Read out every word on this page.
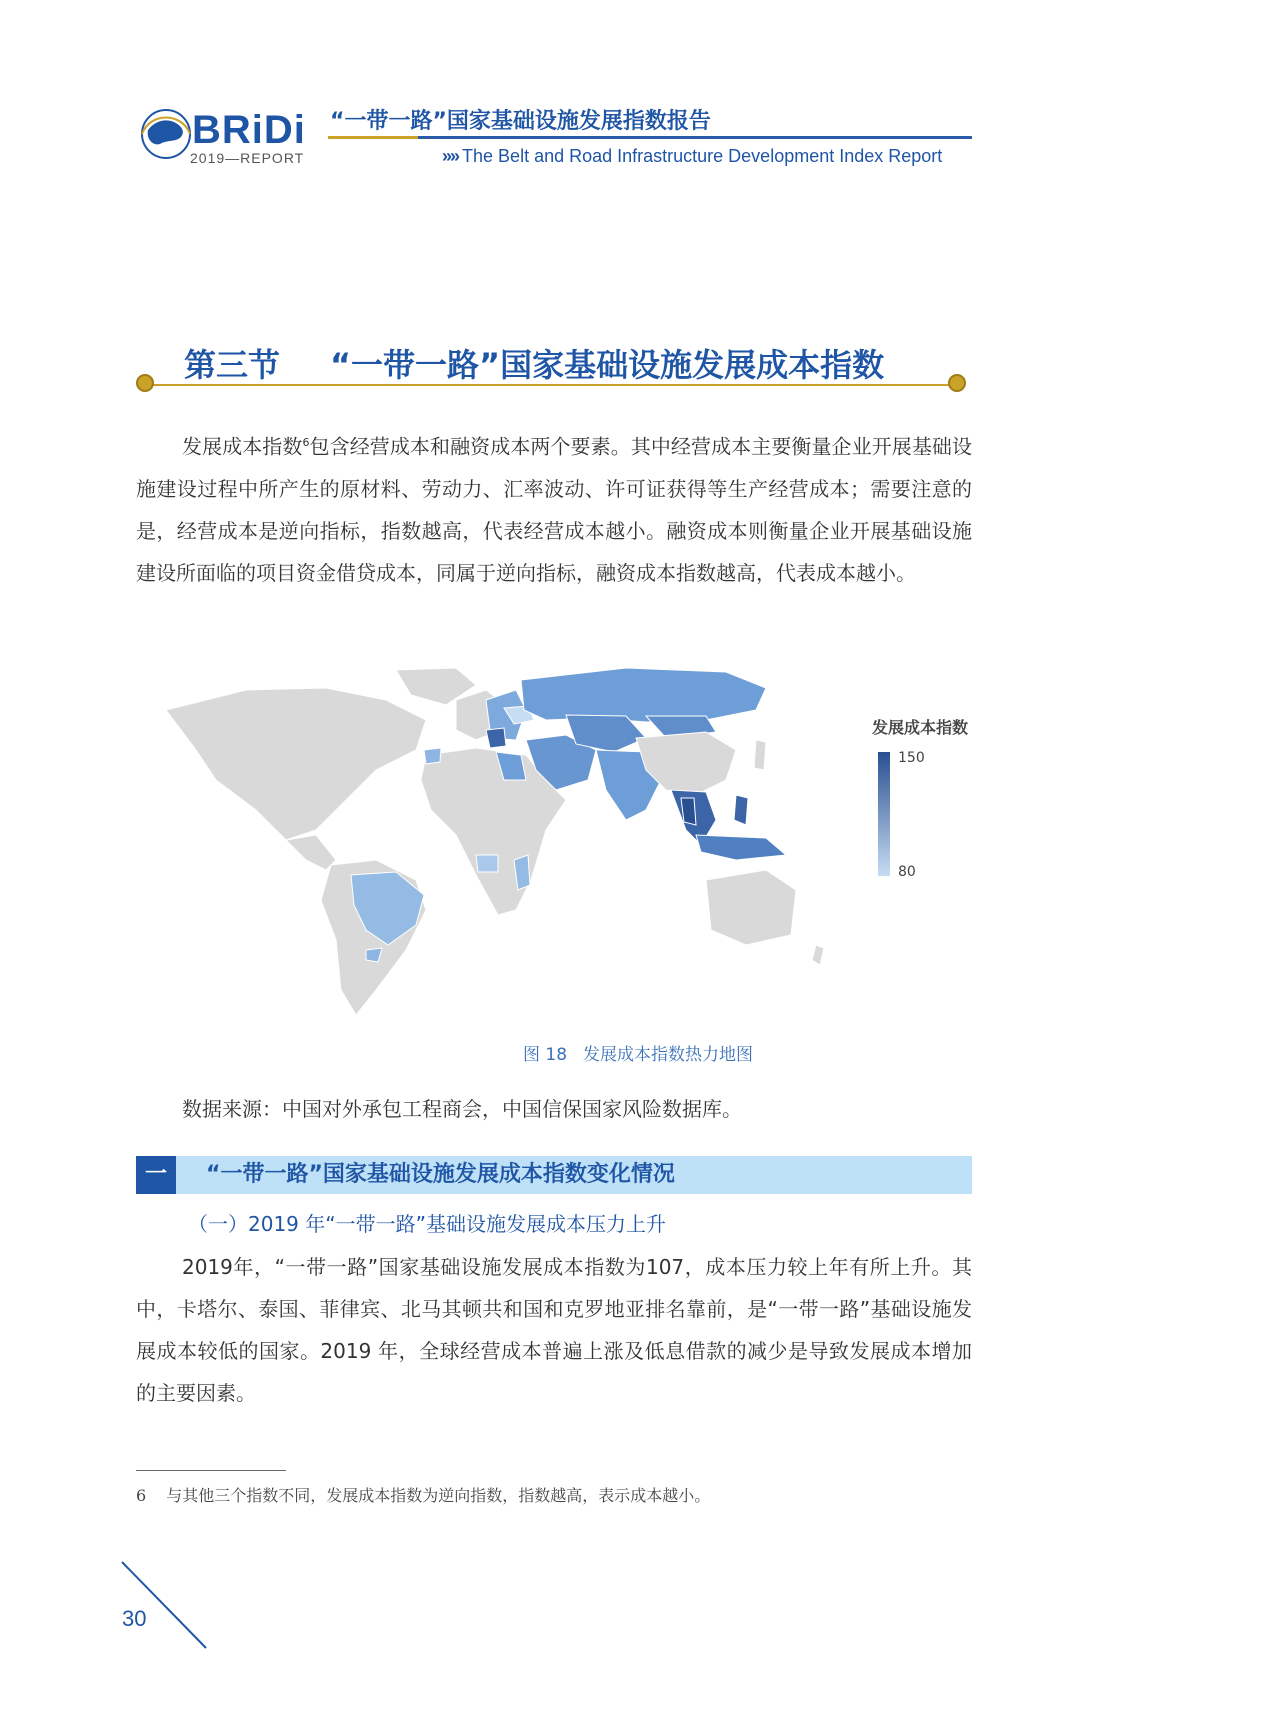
BRiDi
2019—REPORT
“一带一路”国家基础设施发展指数报告
»» The Belt and Road Infrastructure Development Index Report
第三节 “一带一路”国家基础设施发展成本指数
发展成本指数$^6$包含经营成本和融资成本两个要素。其中经营成本主要衡量企业开展基础设施建设过程中所产生的原材料、劳动力、汇率波动、许可证获得等生产经营成本；需要注意的是，经营成本是逆向指标，指数越高，代表经营成本越小。融资成本则衡量企业开展基础设施建设所面临的项目资金借贷成本，同属于逆向指标，融资成本指数越高，代表成本越小。
发展成本指数
150
80
图 18 发展成本指数热力地图
数据来源：中国对外承包工程商会，中国信保国家风险数据库。
一	“一带一路”国家基础设施发展成本指数变化情况
（一）2019 年“一带一路”基础设施发展成本压力上升
2019年，“一带一路”国家基础设施发展成本指数为107，成本压力较上年有所上升。其中，卡塔尔、泰国、菲律宾、北马其顿共和国和克罗地亚排名靠前，是“一带一路”基础设施发展成本较低的国家。2019 年，全球经营成本普遍上涨及低息借款的减少是导致发展成本增加的主要因素。
6 与其他三个指数不同，发展成本指数为逆向指数，指数越高，表示成本越小。
30
